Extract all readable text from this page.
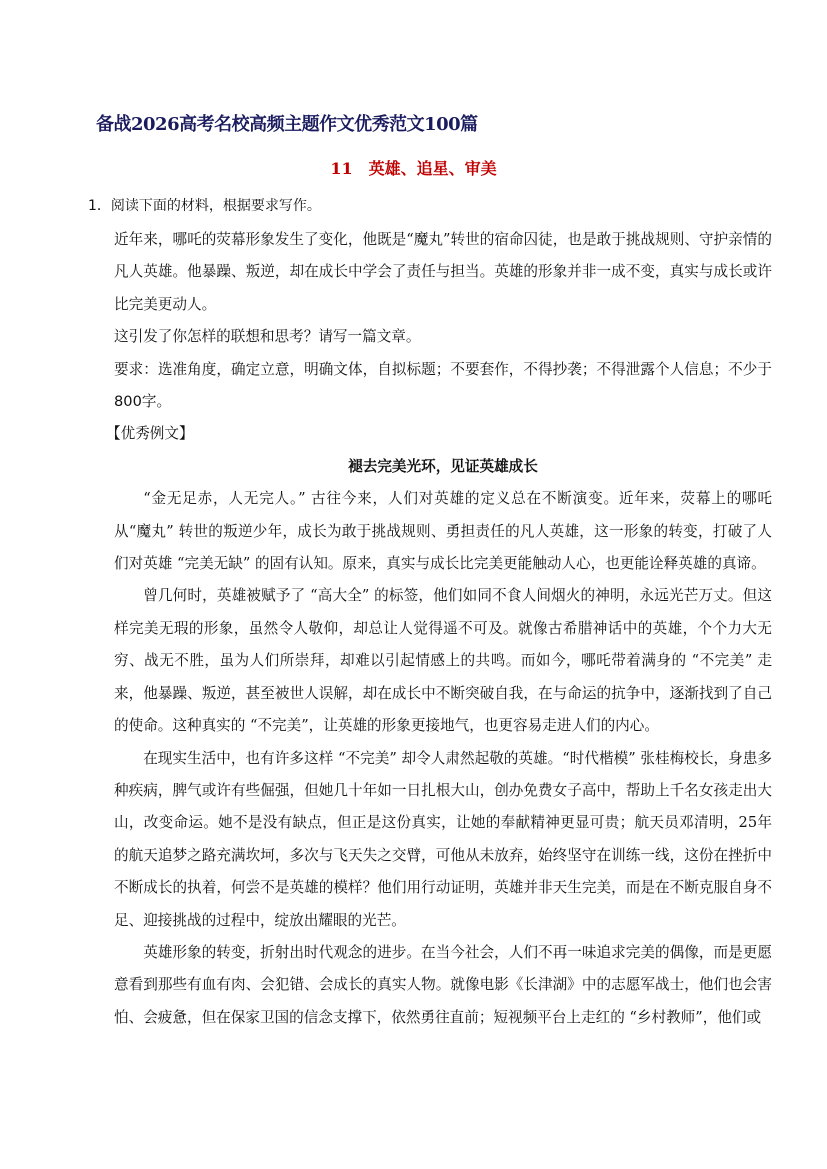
备战2026高考名校高频主题作文优秀范文100篇
11 英雄、追星、审美
1．阅读下面的材料，根据要求写作。

近年来，哪吒的荧幕形象发生了变化，他既是“魔丸”转世的宿命囚徒，也是敢于挑战规则、守护亲情的凡人英雄。他暴躁、叛逆，却在成长中学会了责任与担当。英雄的形象并非一成不变，真实与成长或许比完美更动人。

这引发了你怎样的联想和思考？请写一篇文章。

要求：选准角度，确定立意，明确文体，自拟标题；不要套作，不得抄袭；不得泄露个人信息；不少于800字。

【优秀例文】

褪去完美光环，见证英雄成长

“金无足赤，人无完人。” 古往今来，人们对英雄的定义总在不断演变。近年来，荧幕上的哪吒从“魔丸” 转世的叛逆少年，成长为敢于挑战规则、勇担责任的凡人英雄，这一形象的转变，打破了人们对英雄 “完美无缺” 的固有认知。原来，真实与成长比完美更能触动人心，也更能诠释英雄的真谛。

曾几何时，英雄被赋予了 “高大全” 的标签，他们如同不食人间烟火的神明，永远光芒万丈。但这样完美无瑕的形象，虽然令人敬仰，却总让人觉得遥不可及。就像古希腊神话中的英雄，个个力大无穷、战无不胜，虽为人们所崇拜，却难以引起情感上的共鸣。而如今，哪吒带着满身的 “不完美” 走来，他暴躁、叛逆，甚至被世人误解，却在成长中不断突破自我，在与命运的抗争中，逐渐找到了自己的使命。这种真实的 “不完美”，让英雄的形象更接地气，也更容易走进人们的内心。

在现实生活中，也有许多这样 “不完美” 却令人肃然起敬的英雄。“时代楷模” 张桂梅校长，身患多种疾病，脾气或许有些倔强，但她几十年如一日扎根大山，创办免费女子高中，帮助上千名女孩走出大山，改变命运。她不是没有缺点，但正是这份真实，让她的奉献精神更显可贵；航天员邓清明，25年的航天追梦之路充满坎坷，多次与飞天失之交臂，可他从未放弃，始终坚守在训练一线，这份在挫折中不断成长的执着，何尝不是英雄的模样？他们用行动证明，英雄并非天生完美，而是在不断克服自身不足、迎接挑战的过程中，绽放出耀眼的光芒。

英雄形象的转变，折射出时代观念的进步。在当今社会，人们不再一味追求完美的偶像，而是更愿意看到那些有血有肉、会犯错、会成长的真实人物。就像电影《长津湖》中的志愿军战士，他们也会害怕、会疲惫，但在保家卫国的信念支撑下，依然勇往直前；短视频平台上走红的 “乡村教师”，他们或
